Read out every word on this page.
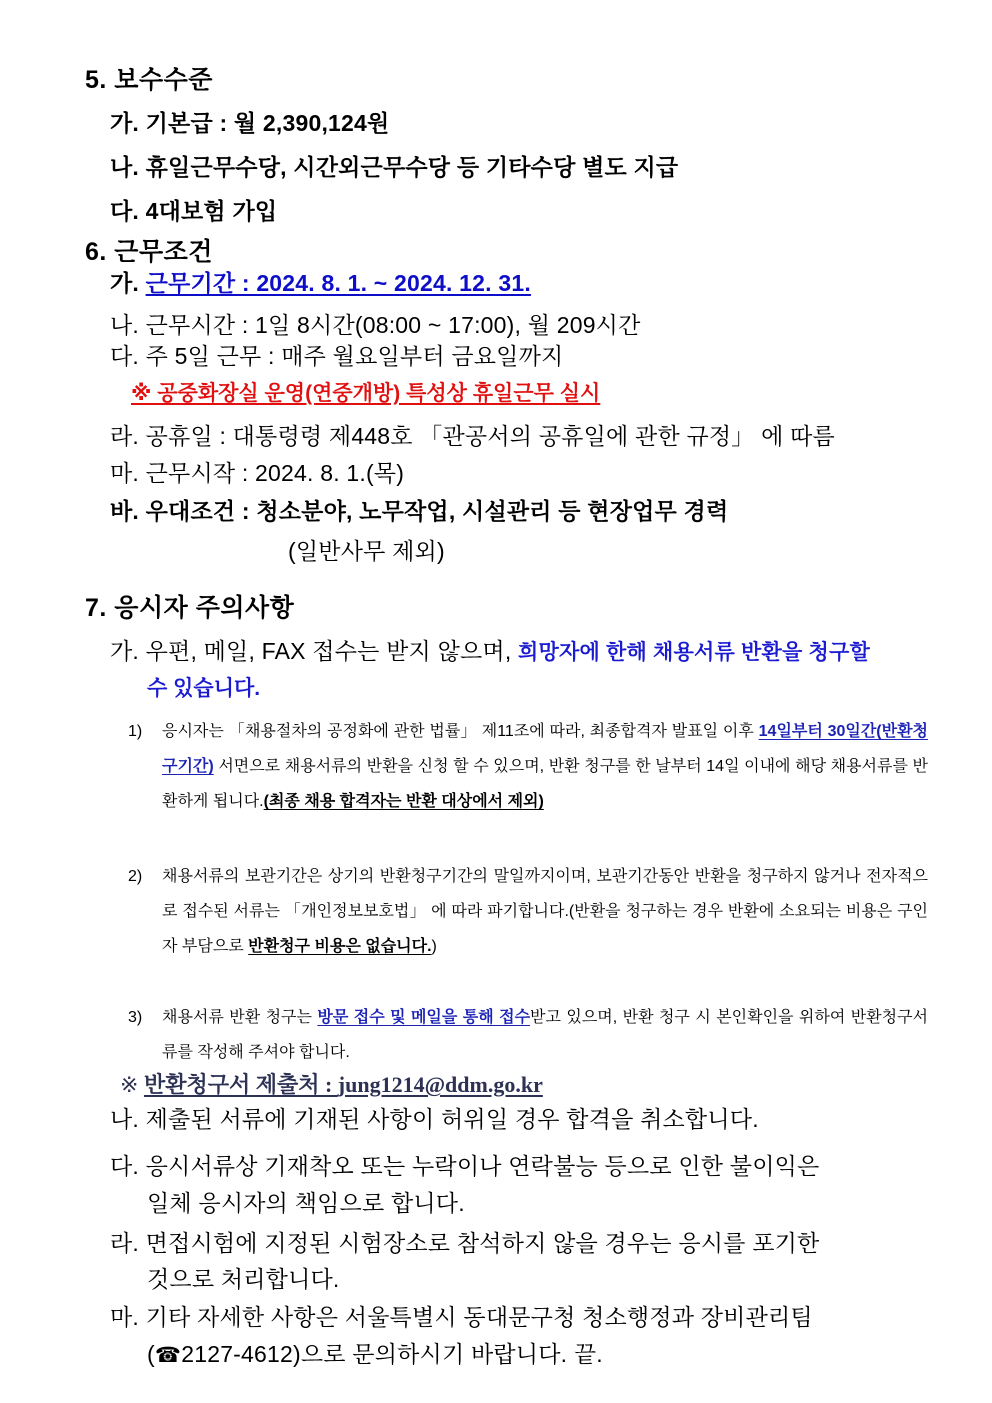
5. 보수수준
가. 기본급 : 월 2,390,124원
나. 휴일근무수당, 시간외근무수당 등 기타수당 별도 지급
다. 4대보험 가입
6. 근무조건
가. 근무기간 : 2024. 8. 1. ~ 2024. 12. 31.
나. 근무시간 : 1일 8시간(08:00 ~ 17:00), 월 209시간
다. 주 5일 근무 : 매주 월요일부터 금요일까지
※ 공중화장실 운영(연중개방) 특성상 휴일근무 실시
라. 공휴일 : 대통령령 제448호 「관공서의 공휴일에 관한 규정」 에 따름
마. 근무시작 : 2024. 8. 1.(목)
바. 우대조건 : 청소분야, 노무작업, 시설관리 등 현장업무 경력
(일반사무 제외)
7. 응시자 주의사항
가. 우편, 메일, FAX 접수는 받지 않으며, 희망자에 한해 채용서류 반환을 청구할
수 있습니다.
1)	응시자는 「채용절차의 공정화에 관한 법률」 제11조에 따라, 최종합격자 발표일 이후 14일부터 30일간(반환청구기간) 서면으로 채용서류의 반환을 신청 할 수 있으며, 반환 청구를 한 날부터 14일 이내에 해당 채용서류를 반환하게 됩니다.(최종 채용 합격자는 반환 대상에서 제외)
2)	채용서류의 보관기간은 상기의 반환청구기간의 말일까지이며, 보관기간동안 반환을 청구하지 않거나 전자적으로 접수된 서류는 「개인정보보호법」 에 따라 파기합니다.(반환을 청구하는 경우 반환에 소요되는 비용은 구인자 부담으로 반환청구 비용은 없습니다.)
3)	채용서류 반환 청구는 방문 접수 및 메일을 통해 접수받고 있으며, 반환 청구 시 본인확인을 위하여 반환청구서류를 작성해 주셔야 합니다.
※ 반환청구서 제출처 : jung1214@ddm.go.kr
나. 제출된 서류에 기재된 사항이 허위일 경우 합격을 취소합니다.
다. 응시서류상 기재착오 또는 누락이나 연락불능 등으로 인한 불이익은
일체 응시자의 책임으로 합니다.
라. 면접시험에 지정된 시험장소로 참석하지 않을 경우는 응시를 포기한
것으로 처리합니다.
마. 기타 자세한 사항은 서울특별시 동대문구청 청소행정과 장비관리팀
(☎2127-4612)으로 문의하시기 바랍니다. 끝.
